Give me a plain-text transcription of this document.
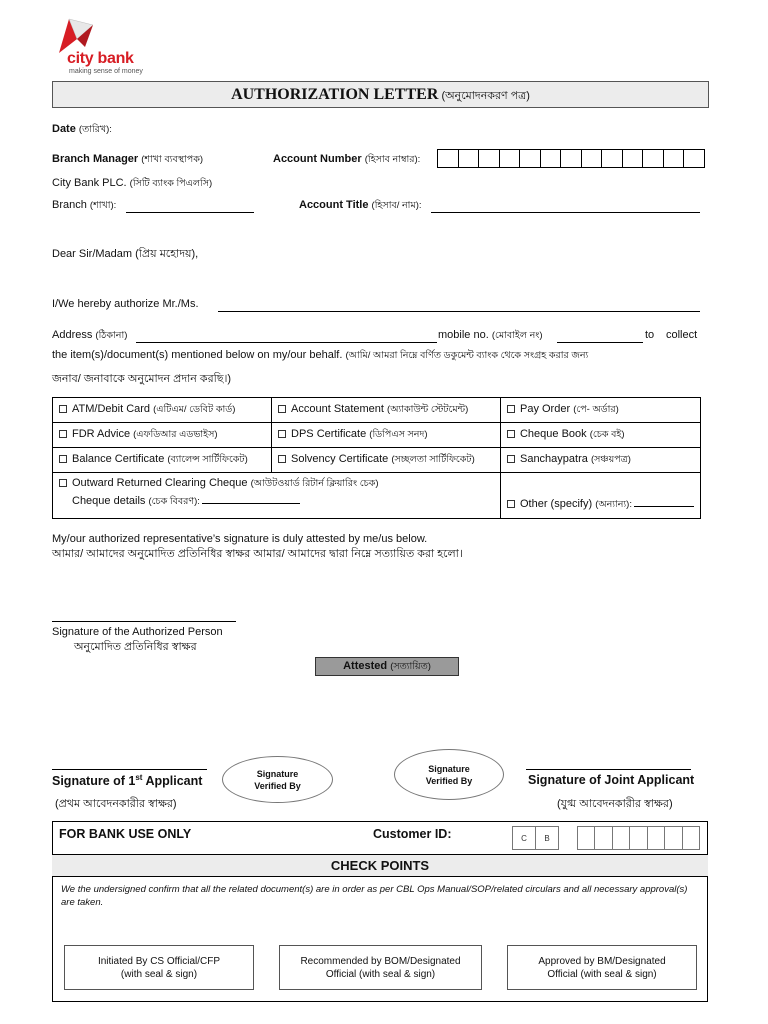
city bank
making sense of money
AUTHORIZATION LETTER (অনুমোদনকরণ পত্র)
Date (তারিখ):
Branch Manager (শাখা ব্যবস্থাপক)	Account Number (হিসাব নাম্বার):
City Bank PLC. (সিটি ব্যাংক পিএলসি)
Branch (শাখা):	Account Title (হিসাব/ নাম):
Dear Sir/Madam (প্রিয় মহোদয়),
I/We hereby authorize Mr./Ms.
Address (ঠিকানা)	mobile no. (মোবাইল নং)	to collect
the item(s)/document(s) mentioned below on my/our behalf. (আমি/ আমরা নিম্নে বর্ণিত ডকুমেন্ট ব্যাংক থেকে সংগ্রহ করার জন্য
জনাব/ জনাবাকে অনুমোদন প্রদান করছি।)
ATM/Debit Card (এটিএম/ ডেবিট কার্ড)	Account Statement (অ্যাকাউন্ট স্টেটমেন্ট)	Pay Order (পে- অর্ডার)
FDR Advice (এফডিআর এডভাইস)	DPS Certificate (ডিপিএস সনদ)	Cheque Book (চেক বই)
Balance Certificate (ব্যালেন্স সার্টিফিকেট)	Solvency Certificate (সচ্ছলতা সার্টিফিকেট)	Sanchaypatra (সঞ্চয়পত্র)

Outward Returned Clearing Cheque (আউটওয়ার্ড রিটার্ন ক্লিয়ারিং চেক)
Cheque details (চেক বিবরণ):		Other (specify) (অন্যান্য):
My/our authorized representative’s signature is duly attested by me/us below.
আমার/ আমাদের অনুমোদিত প্রতিনিধির স্বাক্ষর আমার/ আমাদের দ্বারা নিম্নে সত্যায়িত করা হলো।
Signature of the Authorized Person
অনুমোদিত প্রতিনিধির স্বাক্ষর
Attested (সত্যায়িত)
Signature of 1st Applicant
(প্রথম আবেদনকারীর স্বাক্ষর)
Signature
Verified By
Signature
Verified By	Signature of Joint Applicant
(যুগ্ম আবেদনকারীর স্বাক্ষর)
FOR BANK USE ONLY	Customer ID:	C	B
CHECK POINTS
We the undersigned confirm that all the related document(s) are in order as per CBL Ops Manual/SOP/related circulars and all necessary approval(s) are taken.
Initiated By CS Official/CFP
(with seal & sign)
Recommended by BOM/Designated
Official (with seal & sign)
Approved by BM/Designated
Official (with seal & sign)
